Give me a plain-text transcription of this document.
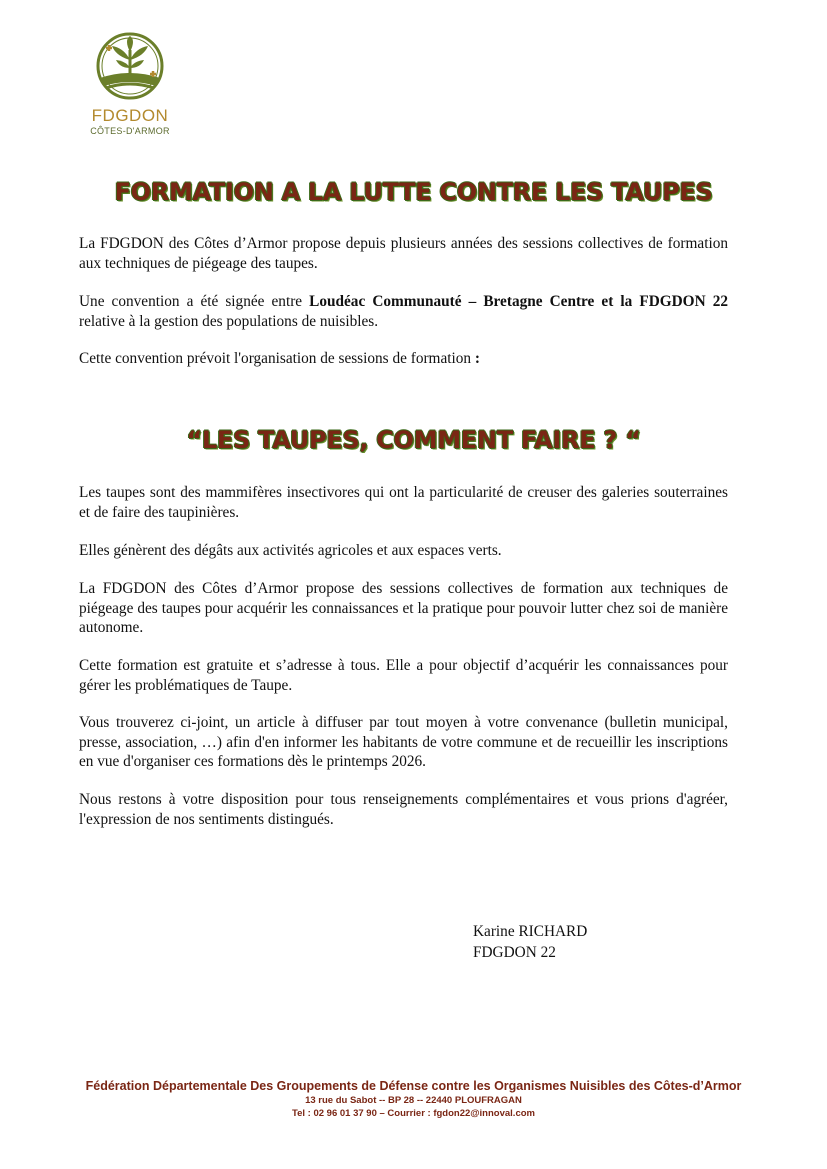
FDGDON
CÔTES-D'ARMOR
FORMATION A LA LUTTE CONTRE LES TAUPES

La FDGDON des Côtes d’Armor propose depuis plusieurs années des sessions collectives de formation aux techniques de piégeage des taupes.

Une convention a été signée entre Loudéac Communauté – Bretagne Centre et la FDGDON 22 relative à la gestion des populations de nuisibles.

Cette convention prévoit l'organisation de sessions de formation :

“LES TAUPES, COMMENT FAIRE ? “

Les taupes sont des mammifères insectivores qui ont la particularité de creuser des galeries souterraines et de faire des taupinières.

Elles génèrent des dégâts aux activités agricoles et aux espaces verts.

La FDGDON des Côtes d’Armor propose des sessions collectives de formation aux techniques de piégeage des taupes pour acquérir les connaissances et la pratique pour pouvoir lutter chez soi de manière autonome.

Cette formation est gratuite et s’adresse à tous. Elle a pour objectif d’acquérir les connaissances pour gérer les problématiques de Taupe.

Vous trouverez ci-joint, un article à diffuser par tout moyen à votre convenance (bulletin municipal, presse, association, …) afin d'en informer les habitants de votre commune et de recueillir les inscriptions en vue d'organiser ces formations dès le printemps 2026.

Nous restons à votre disposition pour tous renseignements complémentaires et vous prions d'agréer, l'expression de nos sentiments distingués.

Karine RICHARD
FDGDON 22
Fédération Départementale Des Groupements de Défense contre les Organismes Nuisibles des Côtes-d’Armor
13 rue du Sabot -- BP 28 -- 22440 PLOUFRAGAN
Tel : 02 96 01 37 90 – Courrier : fgdon22@innoval.com
